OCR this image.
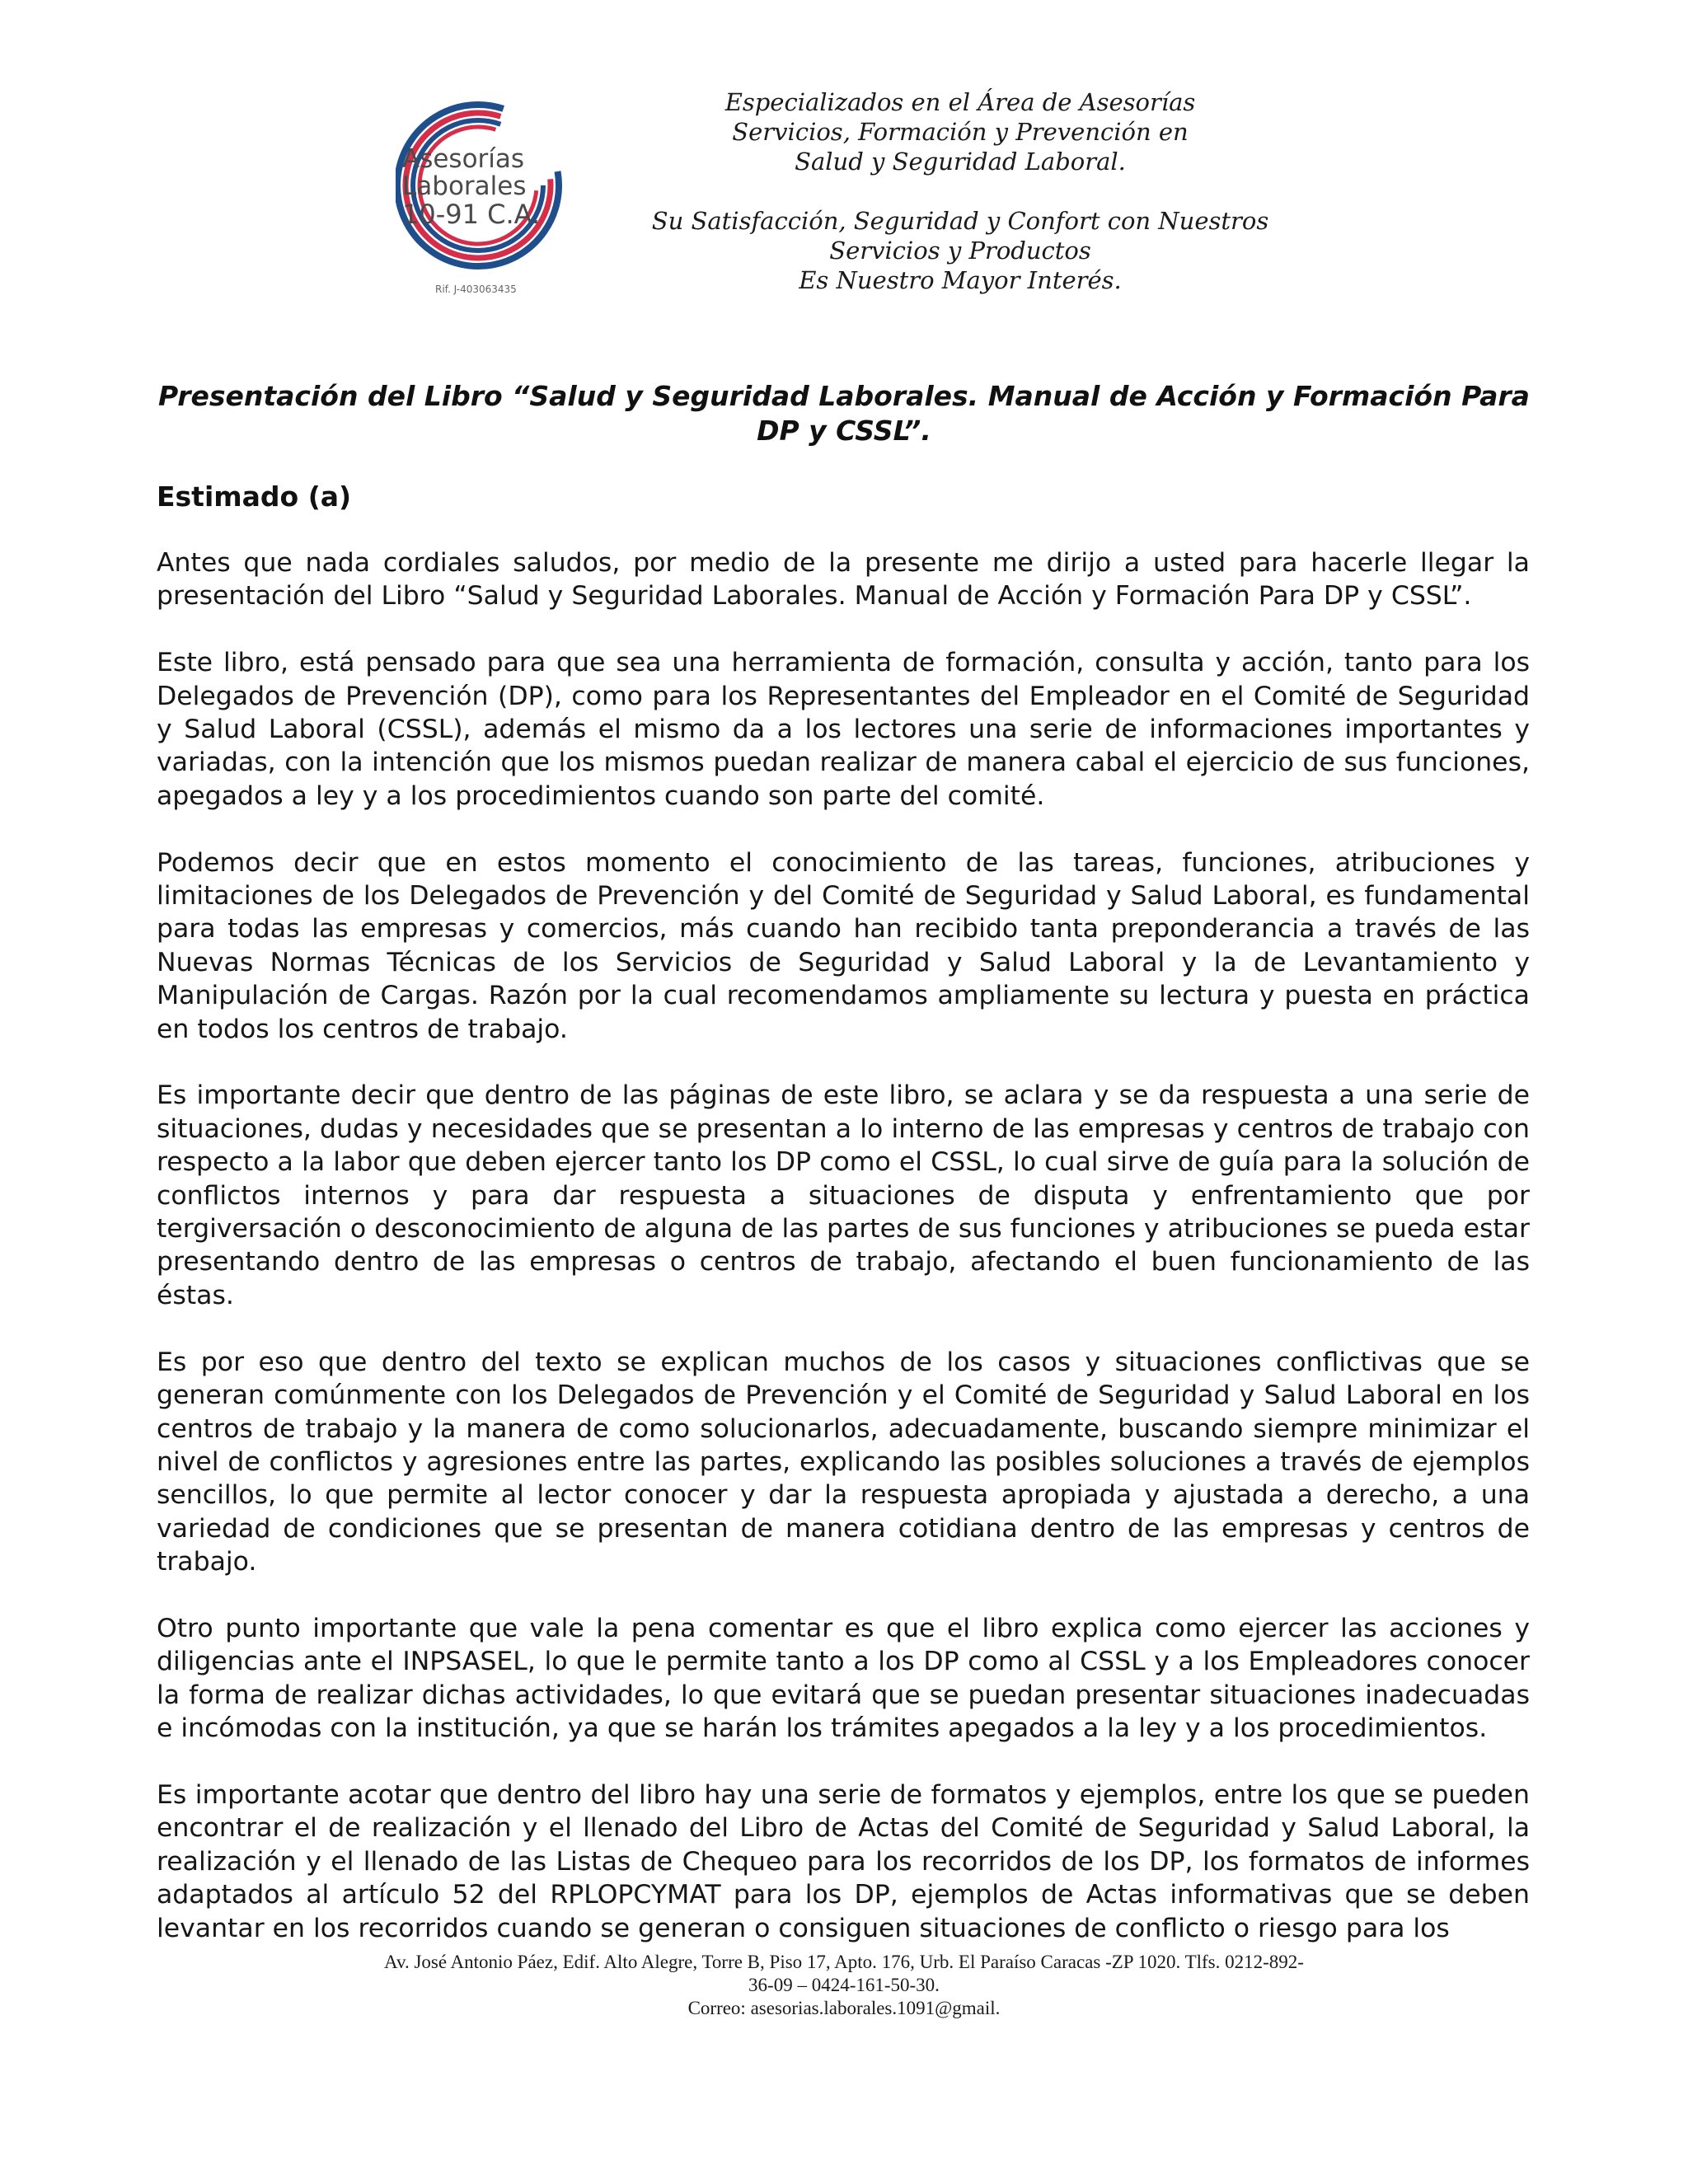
Asesorías
Laborales
10-91 C.A.
Rif. J-403063435

Especializados en el Área de Asesorías

Servicios, Formación y Prevención en

Salud y Seguridad Laboral.

Su Satisfacción, Seguridad y Confort con Nuestros

Servicios y Productos

Es Nuestro Mayor Interés.

Presentación del Libro “Salud y Seguridad Laborales. Manual de Acción y Formación Para DP y CSSL”.
Estimado (a)

Antes que nada cordiales saludos, por medio de la presente me dirijo a usted para hacerle llegar la presentación del Libro “Salud y Seguridad Laborales. Manual de Acción y Formación Para DP y CSSL”.

Este libro, está pensado para que sea una herramienta de formación, consulta y acción, tanto para los Delegados de Prevención (DP), como para los Representantes del Empleador en el Comité de Seguridad y Salud Laboral (CSSL), además el mismo da a los lectores una serie de informaciones importantes y variadas, con la intención que los mismos puedan realizar de manera cabal el ejercicio de sus funciones, apegados a ley y a los procedimientos cuando son parte del comité.

Podemos decir que en estos momento el conocimiento de las tareas, funciones, atribuciones y limitaciones de los Delegados de Prevención y del Comité de Seguridad y Salud Laboral, es fundamental para todas las empresas y comercios, más cuando han recibido tanta preponderancia a través de las Nuevas Normas Técnicas de los Servicios de Seguridad y Salud Laboral y la de Levantamiento y Manipulación de Cargas. Razón por la cual recomendamos ampliamente su lectura y puesta en práctica en todos los centros de trabajo.

Es importante decir que dentro de las páginas de este libro, se aclara y se da respuesta a una serie de situaciones, dudas y necesidades que se presentan a lo interno de las empresas y centros de trabajo con respecto a la labor que deben ejercer tanto los DP como el CSSL, lo cual sirve de guía para la solución de conflictos internos y para dar respuesta a situaciones de disputa y enfrentamiento que por tergiversación o desconocimiento de alguna de las partes de sus funciones y atribuciones se pueda estar presentando dentro de las empresas o centros de trabajo, afectando el buen funcionamiento de las éstas.

Es por eso que dentro del texto se explican muchos de los casos y situaciones conflictivas que se generan comúnmente con los Delegados de Prevención y el Comité de Seguridad y Salud Laboral en los centros de trabajo y la manera de como solucionarlos, adecuadamente, buscando siempre minimizar el nivel de conflictos y agresiones entre las partes, explicando las posibles soluciones a través de ejemplos sencillos, lo que permite al lector conocer y dar la respuesta apropiada y ajustada a derecho, a una variedad de condiciones que se presentan de manera cotidiana dentro de las empresas y centros de trabajo.

Otro punto importante que vale la pena comentar es que el libro explica como ejercer las acciones y diligencias ante el INPSASEL, lo que le permite tanto a los DP como al CSSL y a los Empleadores conocer la forma de realizar dichas actividades, lo que evitará que se puedan presentar situaciones inadecuadas e incómodas con la institución, ya que se harán los trámites apegados a la ley y a los procedimientos.

Es importante acotar que dentro del libro hay una serie de formatos y ejemplos, entre los que se pueden encontrar el de realización y el llenado del Libro de Actas del Comité de Seguridad y Salud Laboral, la realización y el llenado de las Listas de Chequeo para los recorridos de los DP, los formatos de informes adaptados al artículo 52 del RPLOPCYMAT para los DP, ejemplos de Actas informativas que se deben levantar en los recorridos cuando se generan o consiguen situaciones de conflicto o riesgo para los

Av. José Antonio Páez, Edif. Alto Alegre, Torre B, Piso 17, Apto. 176, Urb. El Paraíso Caracas -ZP 1020. Tlfs. 0212-892-

36-09 – 0424-161-50-30.

Correo: asesorias.laborales.1091@gmail.
